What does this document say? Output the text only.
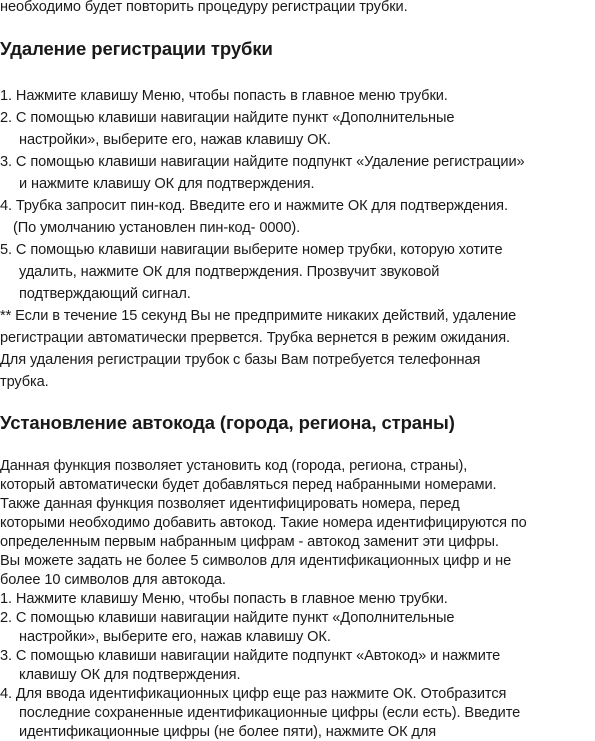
необходимо будет повторить процедуру регистрации трубки.
Удаление регистрации трубки
1. Нажмите клавишу Меню, чтобы попасть в главное меню трубки.
2. С помощью клавиши навигации найдите пункт «Дополнительные
настройки», выберите его, нажав клавишу ОК.
3. С помощью клавиши навигации найдите подпункт «Удаление регистрации»
и нажмите клавишу ОК для подтверждения.
4. Трубка запросит пин-код. Введите его и нажмите ОК для подтверждения.
(По умолчанию установлен пин-код- 0000).
5. С помощью клавиши навигации выберите номер трубки, которую хотите
удалить, нажмите ОК для подтверждения. Прозвучит звуковой
подтверждающий сигнал.
** Если в течение 15 секунд Вы не предпримите никаких действий, удаление
регистрации автоматически прервется. Трубка вернется в режим ожидания.
Для удаления регистрации трубок с базы Вам потребуется телефонная
трубка.
Установление автокода (города, региона, страны)
Данная функция позволяет установить код (города, региона, страны),
который автоматически будет добавляться перед набранными номерами.
Также данная функция позволяет идентифицировать номера, перед
которыми необходимо добавить автокод. Такие номера идентифицируются по
определенным первым набранным цифрам - автокод заменит эти цифры.
Вы можете задать не более 5 символов для идентификационных цифр и не
более 10 символов для автокода.
1. Нажмите клавишу Меню, чтобы попасть в главное меню трубки.
2. С помощью клавиши навигации найдите пункт «Дополнительные
настройки», выберите его, нажав клавишу ОК.
3. С помощью клавиши навигации найдите подпункт «Автокод» и нажмите
клавишу ОК для подтверждения.
4. Для ввода идентификационных цифр еще раз нажмите ОК. Отобразится
последние сохраненные идентификационные цифры (если есть). Введите
идентификационные цифры (не более пяти), нажмите ОК для
